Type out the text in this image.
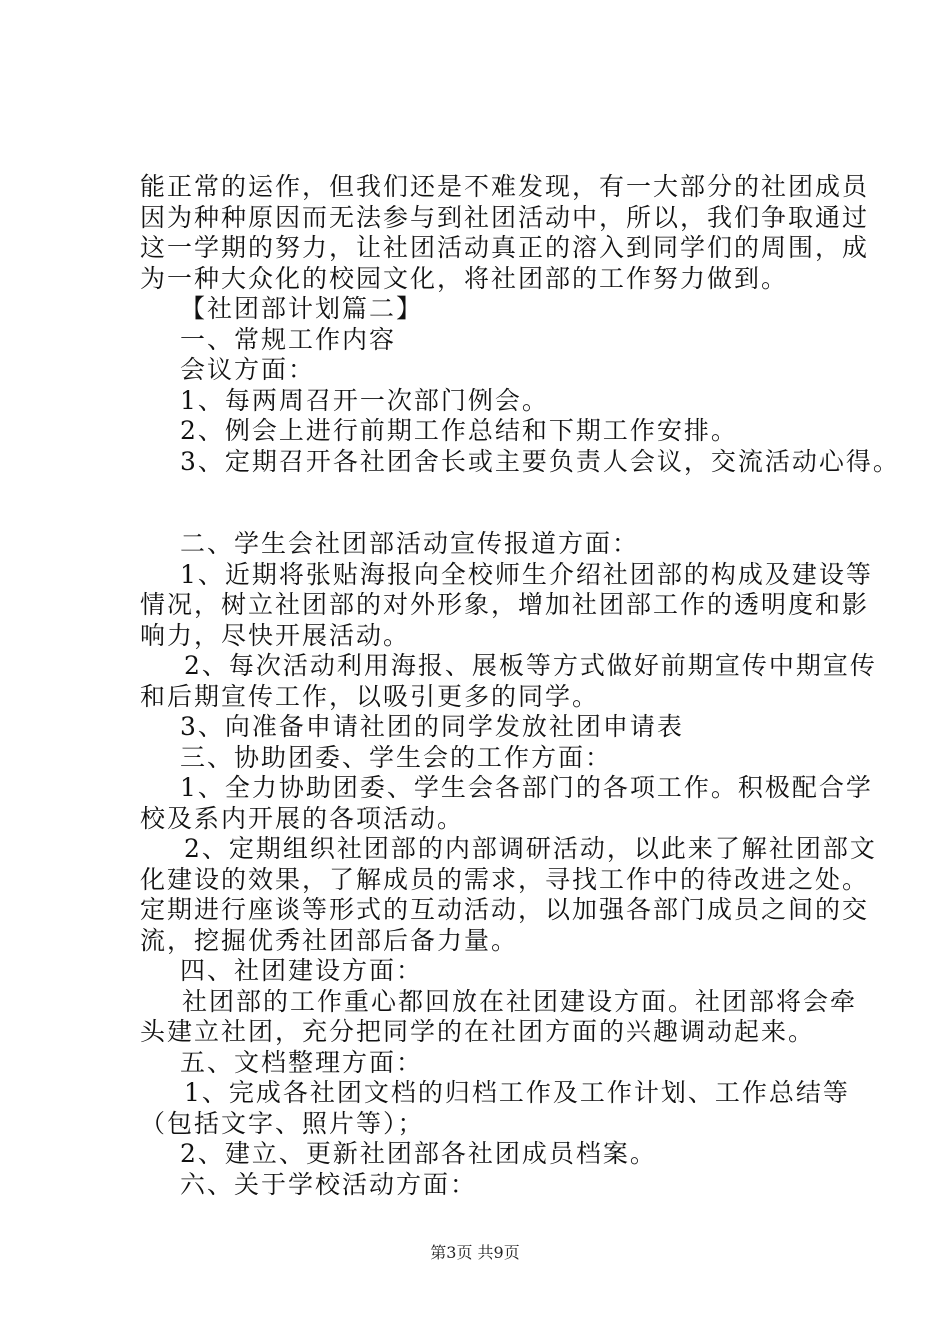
能正常的运作，但我们还是不难发现，有一大部分的社团成员
因为种种原因而无法参与到社团活动中，所以，我们争取通过
这一学期的努力，让社团活动真正的溶入到同学们的周围，成
为一种大众化的校园文化，将社团部的工作努力做到。
【社团部计划篇二】
一、常规工作内容
会议方面：
1、每两周召开一次部门例会。
2、例会上进行前期工作总结和下期工作安排。
3、定期召开各社团舍长或主要负责人会议，交流活动心得。
二、学生会社团部活动宣传报道方面：
1、近期将张贴海报向全校师生介绍社团部的构成及建设等
情况，树立社团部的对外形象，增加社团部工作的透明度和影
响力，尽快开展活动。
2、每次活动利用海报、展板等方式做好前期宣传中期宣传
和后期宣传工作，以吸引更多的同学。
3、向准备申请社团的同学发放社团申请表
三、协助团委、学生会的工作方面：
1、全力协助团委、学生会各部门的各项工作。积极配合学
校及系内开展的各项活动。
2、定期组织社团部的内部调研活动，以此来了解社团部文
化建设的效果，了解成员的需求，寻找工作中的待改进之处。
定期进行座谈等形式的互动活动，以加强各部门成员之间的交
流，挖掘优秀社团部后备力量。
四、社团建设方面：
社团部的工作重心都回放在社团建设方面。社团部将会牵
头建立社团，充分把同学的在社团方面的兴趣调动起来。
五、文档整理方面：
1、完成各社团文档的归档工作及工作计划、工作总结等
（包括文字、照片等）；
2、建立、更新社团部各社团成员档案。
六、关于学校活动方面：
第3页 共9页
